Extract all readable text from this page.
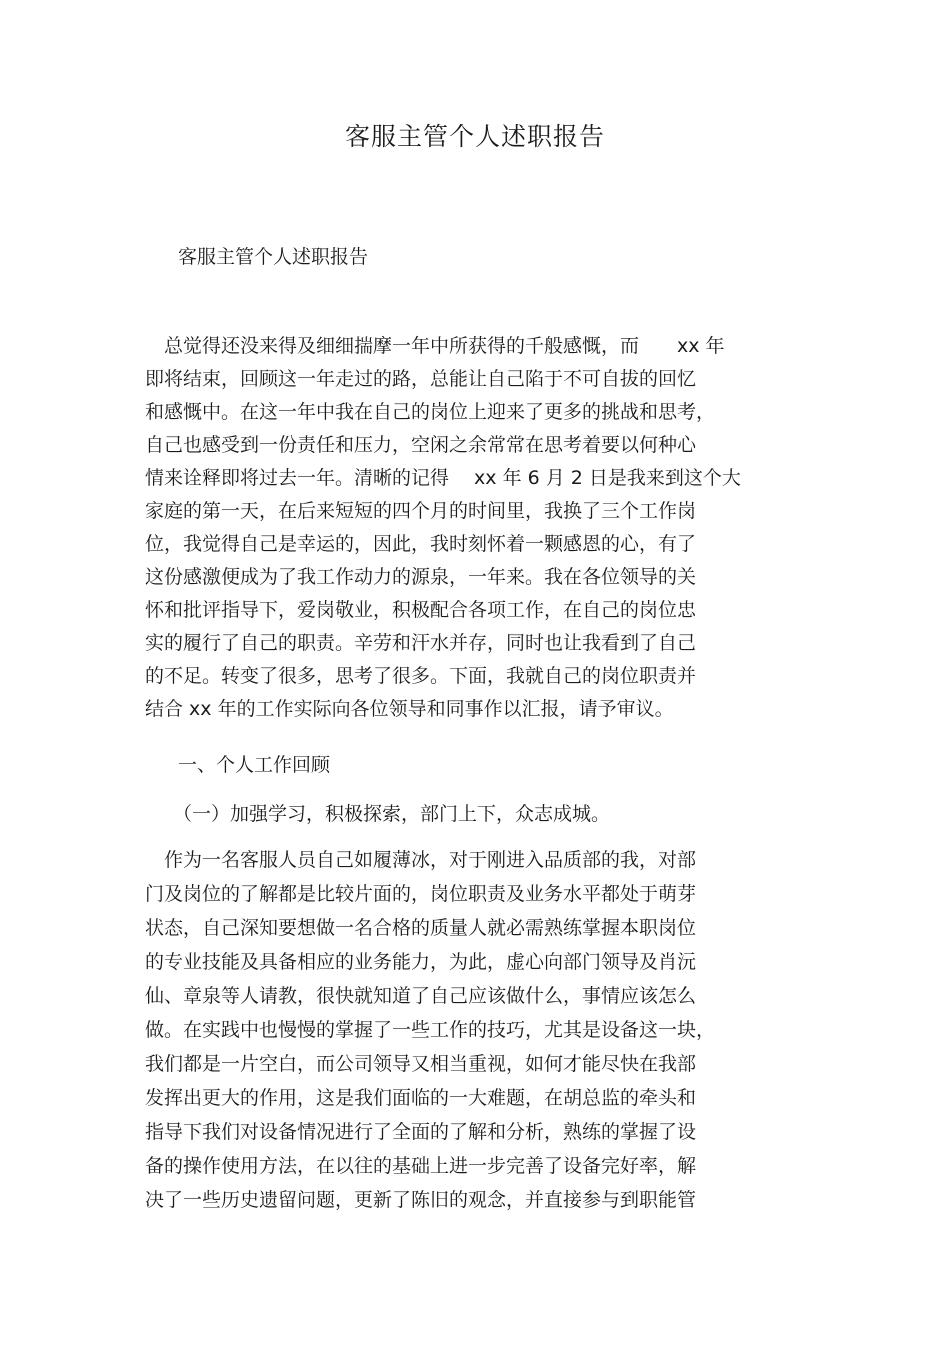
客服主管个人述职报告
客服主管个人述职报告
　总觉得还没来得及细细揣摩一年中所获得的千般感慨，而　　xx 年
即将结束，回顾这一年走过的路，总能让自己陷于不可自拔的回忆
和感慨中。在这一年中我在自己的岗位上迎来了更多的挑战和思考，
自己也感受到一份责任和压力，空闲之余常常在思考着要以何种心
情来诠释即将过去一年。清晰的记得　 xx 年 6 月 2 日是我来到这个大
家庭的第一天，在后来短短的四个月的时间里，我换了三个工作岗
位，我觉得自己是幸运的，因此，我时刻怀着一颗感恩的心，有了
这份感激便成为了我工作动力的源泉，一年来。我在各位领导的关
怀和批评指导下，爱岗敬业，积极配合各项工作，在自己的岗位忠
实的履行了自己的职责。辛劳和汗水并存，同时也让我看到了自己
的不足。转变了很多，思考了很多。下面，我就自己的岗位职责并
结合 xx 年的工作实际向各位领导和同事作以汇报，请予审议。
一、个人工作回顾
（一）加强学习，积极探索，部门上下，众志成城。
　作为一名客服人员自己如履薄冰，对于刚进入品质部的我，对部
门及岗位的了解都是比较片面的，岗位职责及业务水平都处于萌芽
状态，自己深知要想做一名合格的质量人就必需熟练掌握本职岗位
的专业技能及具备相应的业务能力，为此，虚心向部门领导及肖沅
仙、章泉等人请教，很快就知道了自己应该做什么，事情应该怎么
做。在实践中也慢慢的掌握了一些工作的技巧，尤其是设备这一块，
我们都是一片空白，而公司领导又相当重视，如何才能尽快在我部
发挥出更大的作用，这是我们面临的一大难题，在胡总监的牵头和
指导下我们对设备情况进行了全面的了解和分析，熟练的掌握了设
备的操作使用方法，在以往的基础上进一步完善了设备完好率，解
决了一些历史遗留问题，更新了陈旧的观念，并直接参与到职能管
